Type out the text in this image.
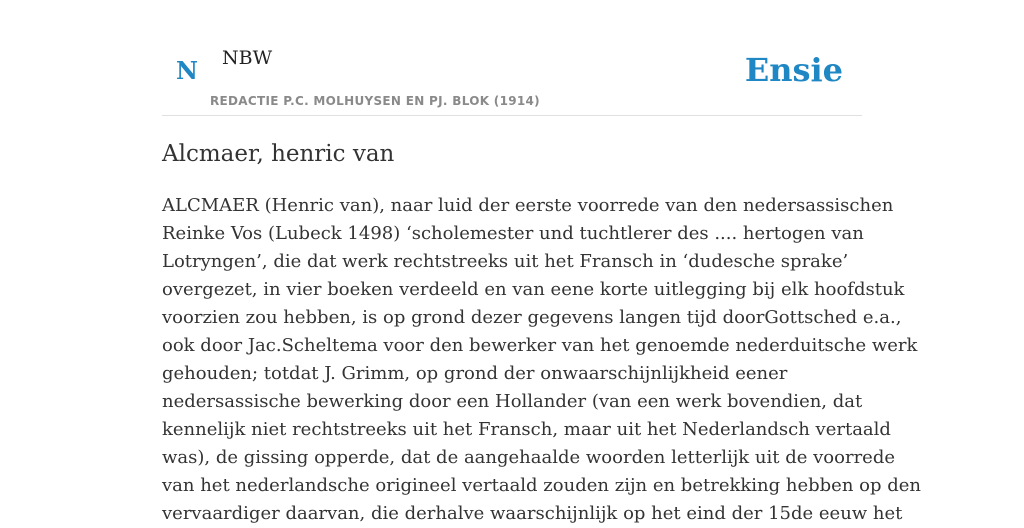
N NBW
REDACTIE P.C. MOLHUYSEN EN PJ. BLOK (1914)
Ensie
Alcmaer, henric van

ALCMAER (Henric van), naar luid der eerste voorrede van den nedersassischen
Reinke Vos (Lubeck 1498) ‘scholemester und tuchtlerer des .... hertogen van
Lotryngen’, die dat werk rechtstreeks uit het Fransch in ‘dudesche sprake’
overgezet, in vier boeken verdeeld en van eene korte uitlegging bij elk hoofdstuk
voorzien zou hebben, is op grond dezer gegevens langen tijd doorGottsched e.a.,
ook door Jac.Scheltema voor den bewerker van het genoemde nederduitsche werk
gehouden; totdat J. Grimm, op grond der onwaarschijnlijkheid eener
nedersassische bewerking door een Hollander (van een werk bovendien, dat
kennelijk niet rechtstreeks uit het Fransch, maar uit het Nederlandsch vertaald
was), de gissing opperde, dat de aangehaalde woorden letterlijk uit de voorrede
van het nederlandsche origineel vertaald zouden zijn en betrekking hebben op den
vervaardiger daarvan, die derhalve waarschijnlijk op het eind der 15de eeuw het
